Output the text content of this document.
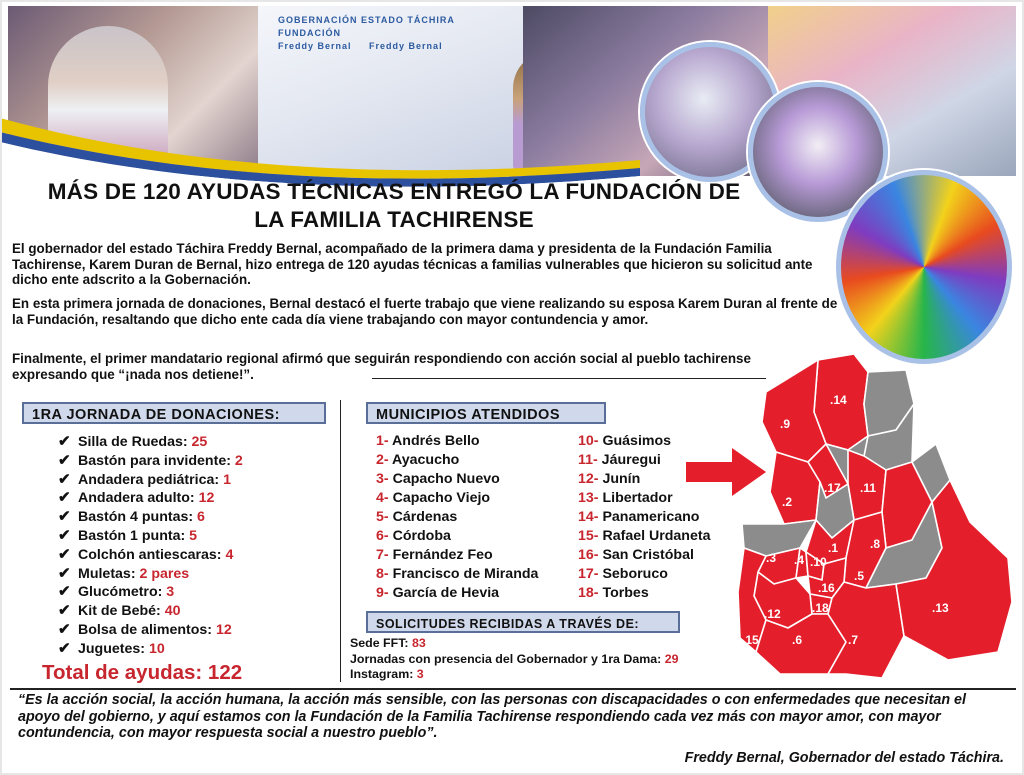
GOBERNACIÓN ESTADO TÁCHIRA FUNDACIÓN
Freddy Bernal Freddy Bernal
MÁS DE 120 AYUDAS TÉCNICAS ENTREGÓ LA FUNDACIÓN DE
LA FAMILIA TACHIRENSE

El gobernador del estado Táchira Freddy Bernal, acompañado de la primera dama y presidenta de la Fundación Familia Tachirense, Karem Duran de Bernal, hizo entrega de 120 ayudas técnicas a familias vulnerables que hicieron su solicitud ante dicho ente adscrito a la Gobernación.

En esta primera jornada de donaciones, Bernal destacó el fuerte trabajo que viene realizando su esposa Karem Duran al frente de la Fundación, resaltando que dicho ente cada día viene trabajando con mayor contundencia y amor.

Finalmente, el primer mandatario regional afirmó que seguirán respondiendo con acción social al pueblo tachirense expresando que “¡nada nos detiene!”.

1RA JORNADA DE DONACIONES:
✔ Silla de Ruedas: 25
✔ Bastón para invidente: 2
✔ Andadera pediátrica: 1
✔ Andadera adulto: 12
✔ Bastón 4 puntas: 6
✔ Bastón 1 punta: 5
✔ Colchón antiescaras: 4
✔ Muletas: 2 pares
✔ Glucómetro: 3
✔ Kit de Bebé: 40
✔ Bolsa de alimentos: 12
✔ Juguetes: 10
Total de ayudas: 122
MUNICIPIOS ATENDIDOS
1- Andrés Bello
2- Ayacucho
3- Capacho Nuevo
4- Capacho Viejo
5- Cárdenas
6- Córdoba
7- Fernández Feo
8- Francisco de Miranda
9- García de Hevia
10- Guásimos
11- Jáuregui
12- Junín
13- Libertador
14- Panamericano
15- Rafael Urdaneta
16- San Cristóbal
17- Seboruco
18- Torbes
SOLICITUDES RECIBIDAS A TRAVÉS DE:
Sede FFT: 83
Jornadas con presencia del Gobernador y 1ra Dama: 29
Instagram: 3
.14
.9
.17 .11
.2
.1	.8
.3 .4 .10
.16
.5
.18
.12
.15	.6	.7
.13
“Es la acción social, la acción humana, la acción más sensible, con las personas con discapacidades o con enfermedades que necesitan el apoyo del gobierno, y aquí estamos con la Fundación de la Familia Tachirense respondiendo cada vez más con mayor amor, con mayor contundencia, con mayor respuesta social a nuestro pueblo”.
Freddy Bernal, Gobernador del estado Táchira.
